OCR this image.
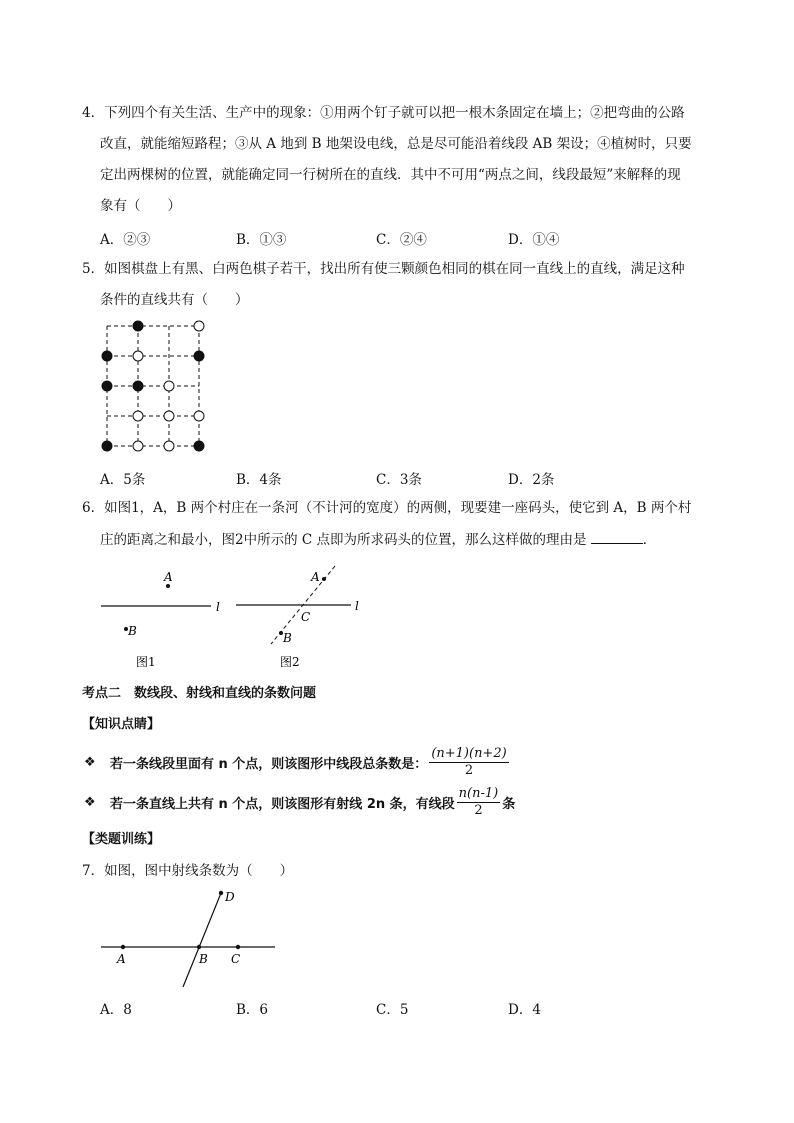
4．下列四个有关生活、生产中的现象：①用两个钉子就可以把一根木条固定在墙上；②把弯曲的公路
改直，就能缩短路程；③从 A 地到 B 地架设电线，总是尽可能沿着线段 AB 架设；④植树时，只要
定出两棵树的位置，就能确定同一行树所在的直线．其中不可用“两点之间，线段最短”来解释的现
象有（　　）
A．②③	B．①③	C．②④	D．①④
5．如图棋盘上有黑、白两色棋子若干，找出所有使三颗颜色相同的棋在同一直线上的直线，满足这种
条件的直线共有（　　）
A．5条	B．4条	C．3条	D．2条
6．如图1，A，B 两个村庄在一条河（不计河的宽度）的两侧，现要建一座码头，使它到 A，B 两个村
庄的距离之和最小，图2中所示的 C 点即为所求码头的位置，那么这样做的理由是	．
A
B
l
图1
A
B
C
l
图2
考点二　数线段、射线和直线的条数问题
【知识点睛】
❖	若一条线段里面有 n 个点，则该图形中线段总条数是： $\frac{(n+1)(n+2)}{2}$
❖	若一条直线上共有 n 个点，则该图形有射线 2n 条，有线段 $\frac{n(n-1)}{2}$ 条
【类题训练】
7．如图，图中射线条数为（　　）
A	B C
D
A．8	B．6	C．5	D．4
